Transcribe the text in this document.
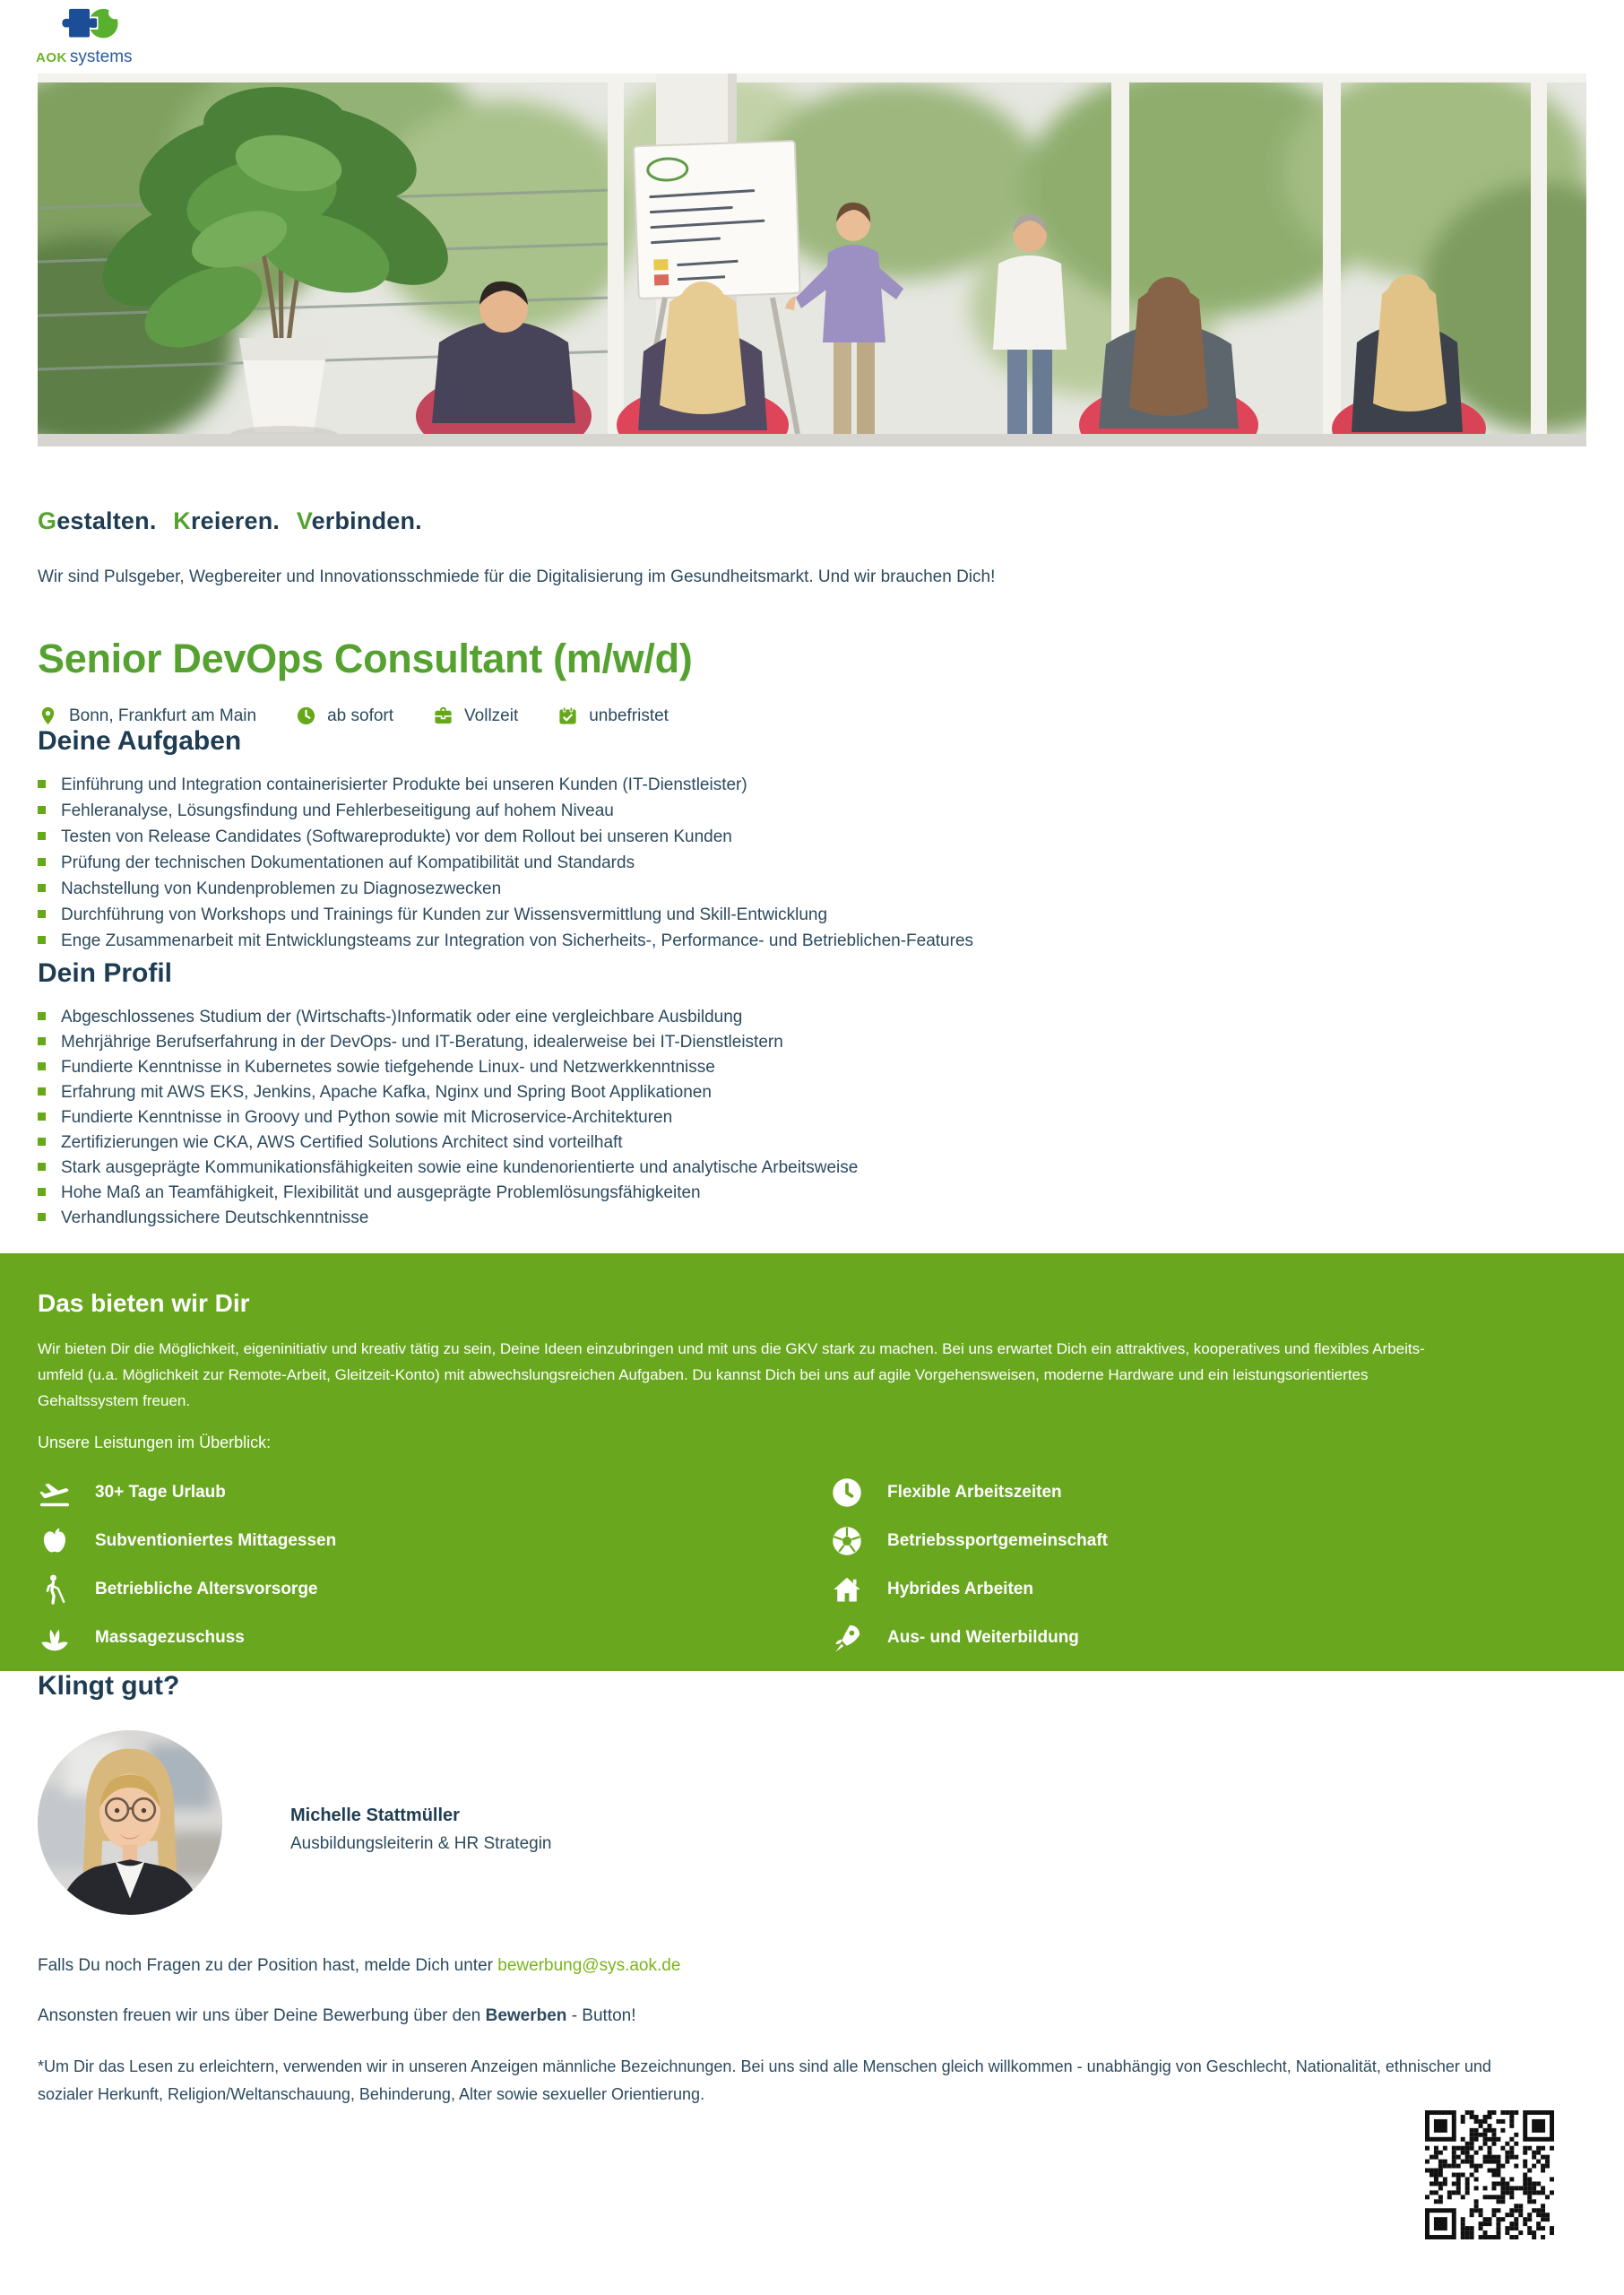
AOK systems
Gestalten. Kreieren. Verbinden.

Wir sind Pulsgeber, Wegbereiter und Innovationsschmiede für die Digitalisierung im Gesundheitsmarkt. Und wir brauchen Dich!

Senior DevOps Consultant (m/w/d)
Bonn, Frankfurt am Main	ab sofort	Vollzeit	unbefristet
Deine Aufgaben
Einführung und Integration containerisierter Produkte bei unseren Kunden (IT-Dienstleister)
Fehleranalyse, Lösungsfindung und Fehlerbeseitigung auf hohem Niveau
Testen von Release Candidates (Softwareprodukte) vor dem Rollout bei unseren Kunden
Prüfung der technischen Dokumentationen auf Kompatibilität und Standards
Nachstellung von Kundenproblemen zu Diagnosezwecken
Durchführung von Workshops und Trainings für Kunden zur Wissensvermittlung und Skill-Entwicklung
Enge Zusammenarbeit mit Entwicklungsteams zur Integration von Sicherheits-, Performance- und Betrieblichen-Features
Dein Profil
Abgeschlossenes Studium der (Wirtschafts-)Informatik oder eine vergleichbare Ausbildung
Mehrjährige Berufserfahrung in der DevOps- und IT-Beratung, idealerweise bei IT-Dienstleistern
Fundierte Kenntnisse in Kubernetes sowie tiefgehende Linux- und Netzwerkkenntnisse
Erfahrung mit AWS EKS, Jenkins, Apache Kafka, Nginx und Spring Boot Applikationen
Fundierte Kenntnisse in Groovy und Python sowie mit Microservice-Architekturen
Zertifizierungen wie CKA, AWS Certified Solutions Architect sind vorteilhaft
Stark ausgeprägte Kommunikationsfähigkeiten sowie eine kundenorientierte und analytische Arbeitsweise
Hohe Maß an Teamfähigkeit, Flexibilität und ausgeprägte Problemlösungsfähigkeiten
Verhandlungssichere Deutschkenntnisse
Das bieten wir Dir

Wir bieten Dir die Möglichkeit, eigeninitiativ und kreativ tätig zu sein, Deine Ideen einzubringen und mit uns die GKV stark zu machen. Bei uns erwartet Dich ein attraktives, kooperatives und flexibles Arbeits-
umfeld (u.a. Möglichkeit zur Remote-Arbeit, Gleitzeit-Konto) mit abwechslungsreichen Aufgaben. Du kannst Dich bei uns auf agile Vorgehensweisen, moderne Hardware und ein leistungsorientiertes
Gehaltssystem freuen.

Unsere Leistungen im Überblick:

30+ Tage Urlaub
Subventioniertes Mittagessen
Betriebliche Altersvorsorge
Massagezuschuss
Flexible Arbeitszeiten
Betriebssportgemeinschaft
Hybrides Arbeiten
Aus- und Weiterbildung
Klingt gut?
Michelle Stattmüller
Ausbildungsleiterin & HR Strategin

Falls Du noch Fragen zu der Position hast, melde Dich unter bewerbung@sys.aok.de

Ansonsten freuen wir uns über Deine Bewerbung über den Bewerben - Button!

*Um Dir das Lesen zu erleichtern, verwenden wir in unseren Anzeigen männliche Bezeichnungen. Bei uns sind alle Menschen gleich willkommen - unabhängig von Geschlecht, Nationalität, ethnischer und
sozialer Herkunft, Religion/Weltanschauung, Behinderung, Alter sowie sexueller Orientierung.
